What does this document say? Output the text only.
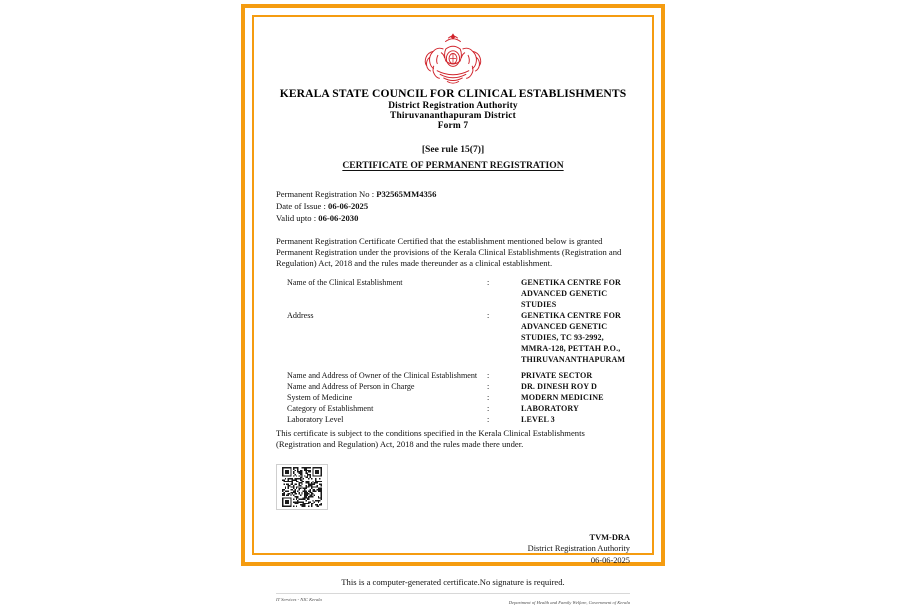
KERALA STATE COUNCIL FOR CLINICAL ESTABLISHMENTS
District Registration Authority
Thiruvananthapuram District
Form 7
[See rule 15(7)]
CERTIFICATE OF PERMANENT REGISTRATION
Permanent Registration No : P32565MM4356
Date of Issue : 06-06-2025
Valid upto : 06-06-2030
Permanent Registration Certificate Certified that the establishment mentioned below is granted Permanent Registration under the provisions of the Kerala Clinical Establishments (Registration and Regulation) Act, 2018 and the rules made thereunder as a clinical establishment.
Name of the Clinical Establishment	:	GENETIKA CENTRE FOR ADVANCED GENETIC STUDIES
Address	:	GENETIKA CENTRE FOR ADVANCED GENETIC STUDIES, TC 93-2992, MMRA-128, PETTAH P.O., THIRUVANANTHAPURAM

Name and Address of Owner of the Clinical Establishment	:	PRIVATE SECTOR
Name and Address of Person in Charge	:	DR. DINESH ROY D
System of Medicine	:	MODERN MEDICINE
Category of Establishment	:	LABORATORY
Laboratory Level	:	LEVEL 3
This certificate is subject to the conditions specified in the Kerala Clinical Establishments (Registration and Regulation) Act, 2018 and the rules made there under.
TVM-DRA
District Registration Authority
06-06-2025
This is a computer-generated certificate.No signature is required.
IT Services - NIC Kerala
Department of Health and Family Welfare, Government of Kerala
